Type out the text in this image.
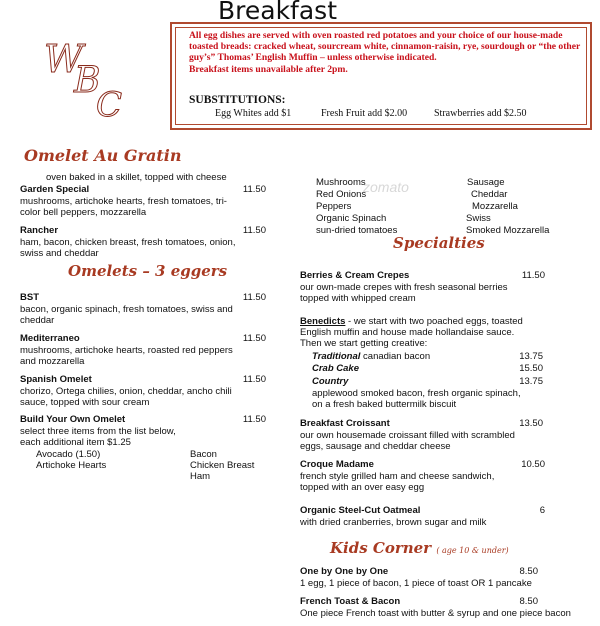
Breakfast
W
B
C
All egg dishes are served with oven roasted red potatoes and your choice of our house-made toasted breads: cracked wheat, sourcream white, cinnamon-raisin, rye, sourdough or “the other guy’s” Thomas’ English Muffin – unless otherwise indicated.
Breakfast items unavailable after 2pm.
SUBSTITUTIONS:
Egg Whites add $1	Fresh Fruit add $2.00	Strawberries add $2.50
Omelet Au Gratin
oven baked in a skillet, topped with cheese
Garden Special	11.50
mushrooms, artichoke hearts, fresh tomatoes, tri-
color bell peppers, mozzarella
Rancher	11.50
ham, bacon, chicken breast, fresh tomatoes, onion,
swiss and cheddar
Omelets – 3 eggers
BST	11.50
bacon, organic spinach, fresh tomatoes, swiss and
cheddar
Mediterraneo	11.50
mushrooms, artichoke hearts, roasted red peppers
and mozzarella
Spanish Omelet	11.50
chorizo, Ortega chilies, onion, cheddar, ancho chili
sauce, topped with sour cream
Build Your Own Omelet	11.50
select three items from the list below,
each additional item $1.25
Avocado (1.50)
Artichoke Hearts
Bacon
Chicken Breast
Ham
Mushrooms
Red Onions
Peppers
Organic Spinach
sun-dried tomatoes
Sausage
Cheddar
Mozzarella
Swiss
Smoked Mozzarella
zomato
Specialties
Berries & Cream Crepes	11.50
our own-made crepes with fresh seasonal berries
topped with whipped cream
Benedicts - we start with two poached eggs, toasted
English muffin and house made hollandaise sauce.
Then we start getting creative:
Traditional canadian bacon	13.75
Crab Cake	15.50
Country	13.75
applewood smoked bacon, fresh organic spinach,
on a fresh baked buttermilk biscuit
Breakfast Croissant	13.50
our own housemade croissant filled with scrambled
eggs, sausage and cheddar cheese
Croque Madame	10.50
french style grilled ham and cheese sandwich,
topped with an over easy egg
Organic Steel-Cut Oatmeal	6
with dried cranberries, brown sugar and milk
Kids Corner ( age 10 & under)
One by One by One	8.50
1 egg, 1 piece of bacon, 1 piece of toast OR 1 pancake
French Toast & Bacon	8.50
One piece French toast with butter & syrup and one piece bacon
